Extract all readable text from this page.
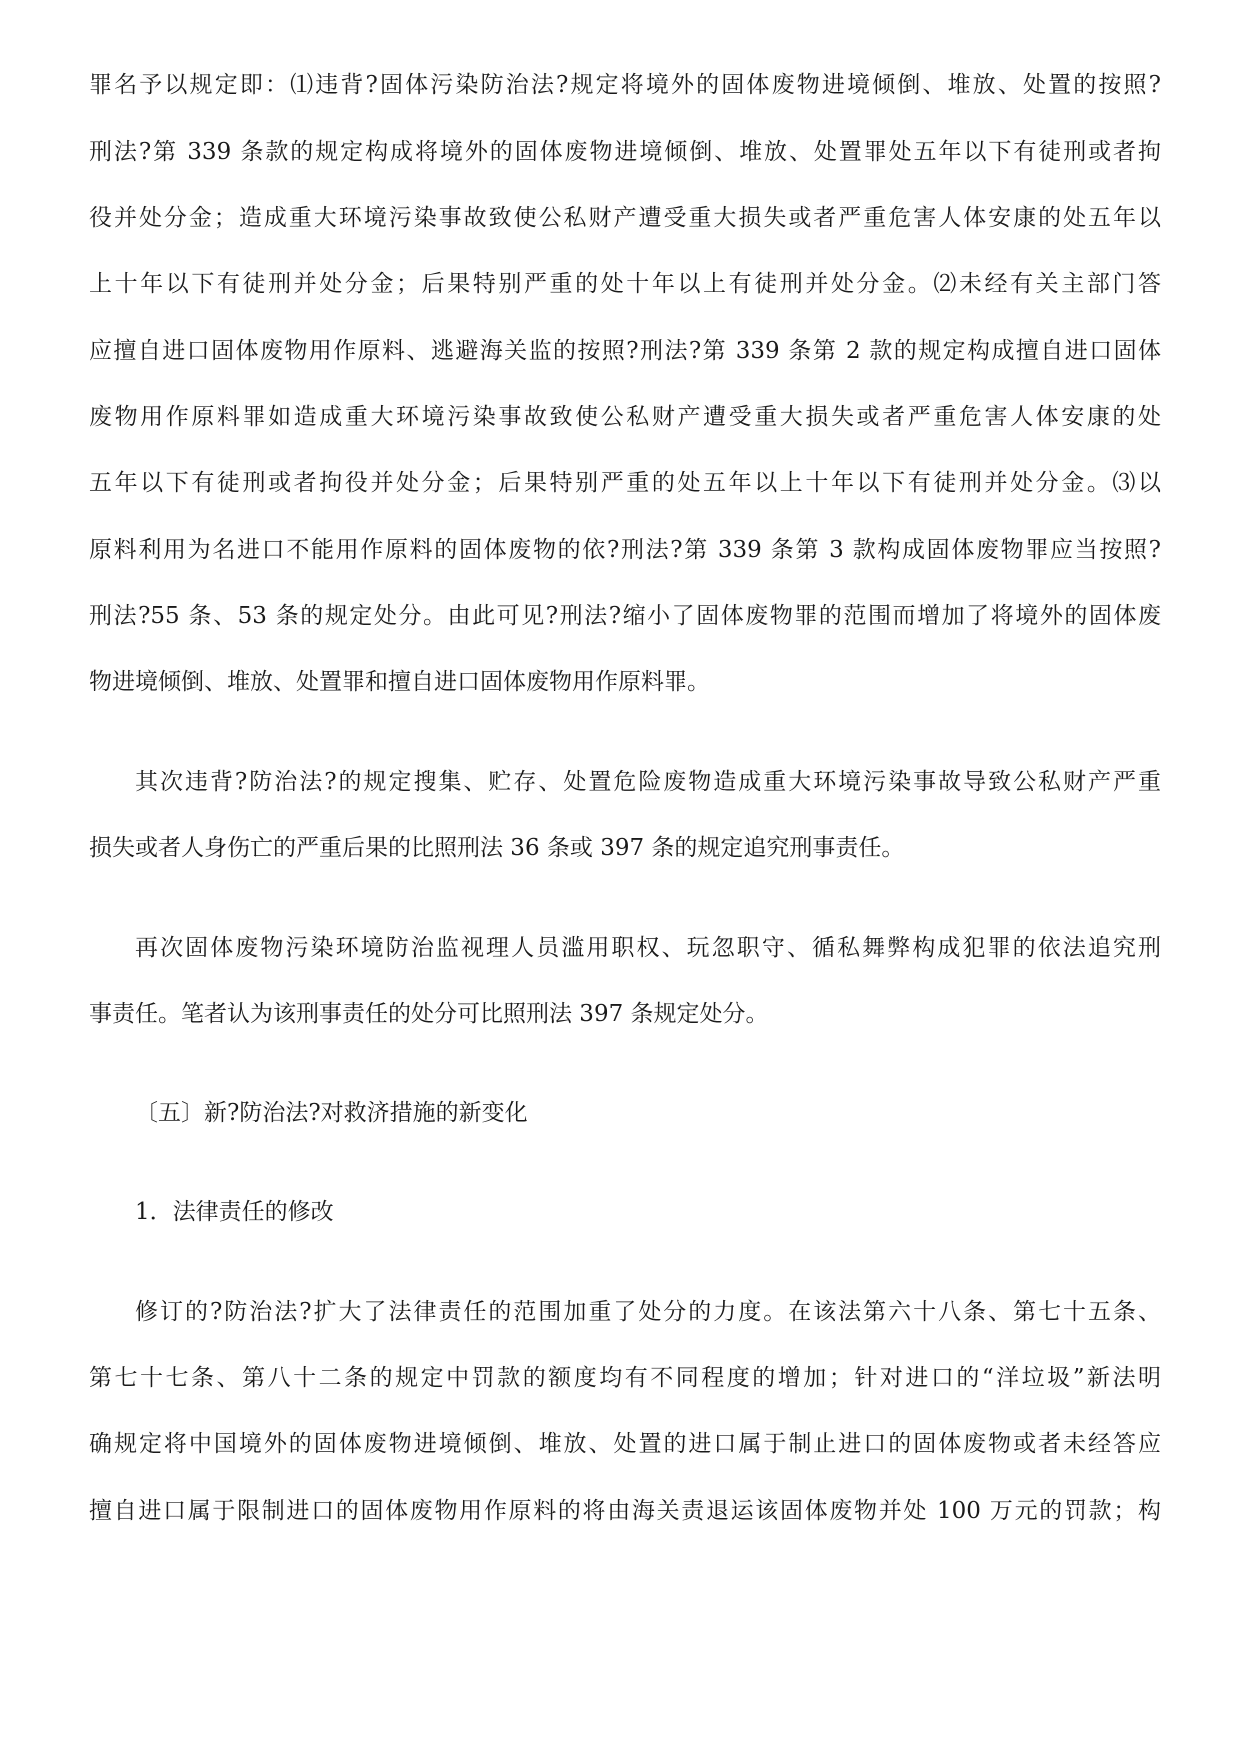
罪名予以规定即：⑴违背?固体污染防治法?规定将境外的固体废物进境倾倒、堆放、处置的按照?

刑法?第 339 条款的规定构成将境外的固体废物进境倾倒、堆放、处置罪处五年以下有徒刑或者拘

役并处分金；造成重大环境污染事故致使公私财产遭受重大损失或者严重危害人体安康的处五年以

上十年以下有徒刑并处分金；后果特别严重的处十年以上有徒刑并处分金。⑵未经有关主部门答

应擅自进口固体废物用作原料、逃避海关监的按照?刑法?第 339 条第 2 款的规定构成擅自进口固体

废物用作原料罪如造成重大环境污染事故致使公私财产遭受重大损失或者严重危害人体安康的处

五年以下有徒刑或者拘役并处分金；后果特别严重的处五年以上十年以下有徒刑并处分金。⑶以

原料利用为名进口不能用作原料的固体废物的依?刑法?第 339 条第 3 款构成固体废物罪应当按照?

刑法?55 条、53 条的规定处分。由此可见?刑法?缩小了固体废物罪的范围而增加了将境外的固体废

物进境倾倒、堆放、处置罪和擅自进口固体废物用作原料罪。

其次违背?防治法?的规定搜集、贮存、处置危险废物造成重大环境污染事故导致公私财产严重

损失或者人身伤亡的严重后果的比照刑法 36 条或 397 条的规定追究刑事责任。

再次固体废物污染环境防治监视理人员滥用职权、玩忽职守、循私舞弊构成犯罪的依法追究刑

事责任。笔者认为该刑事责任的处分可比照刑法 397 条规定处分。

〔五〕新?防治法?对救济措施的新变化

1．法律责任的修改

修订的?防治法?扩大了法律责任的范围加重了处分的力度。在该法第六十八条、第七十五条、

第七十七条、第八十二条的规定中罚款的额度均有不同程度的增加；针对进口的“洋垃圾”新法明

确规定将中国境外的固体废物进境倾倒、堆放、处置的进口属于制止进口的固体废物或者未经答应

擅自进口属于限制进口的固体废物用作原料的将由海关责退运该固体废物并处 100 万元的罚款；构
